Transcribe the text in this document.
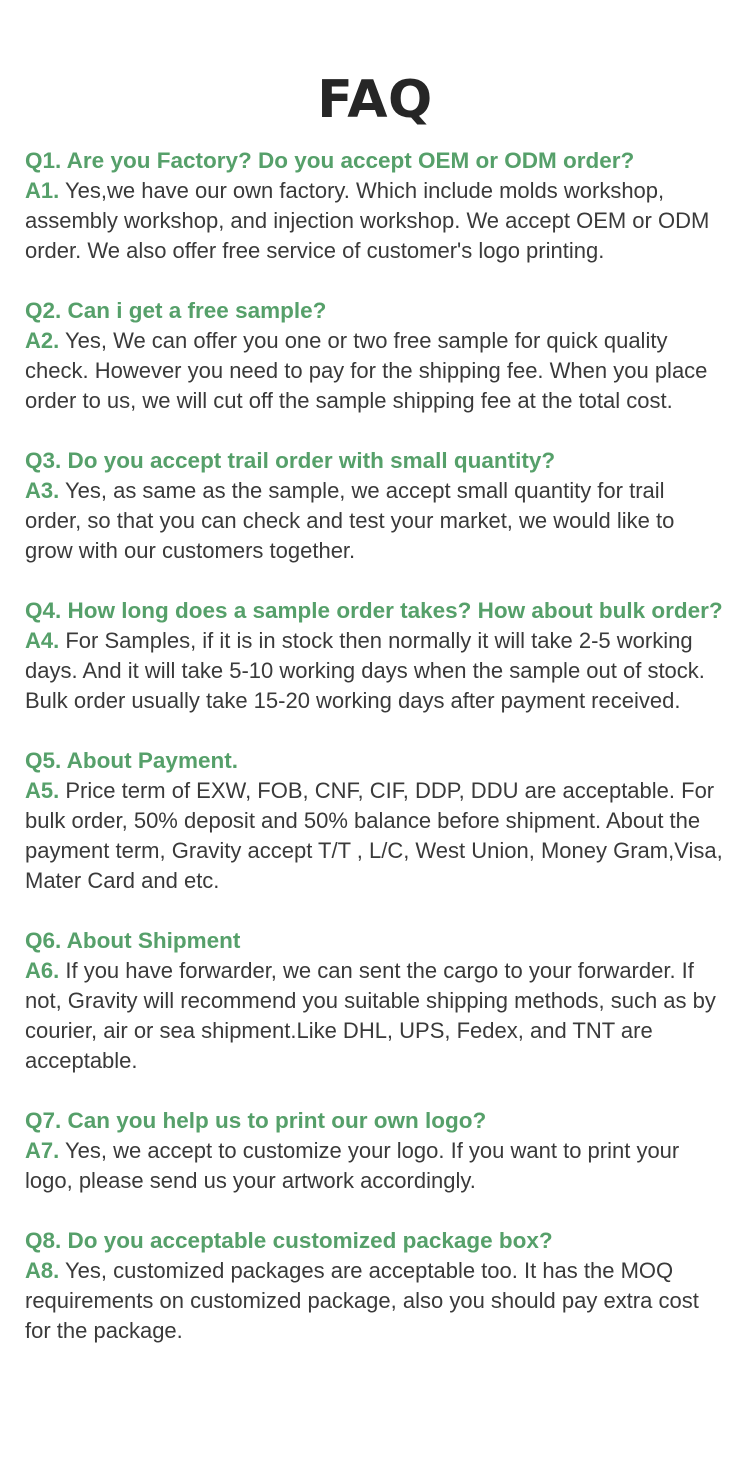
FAQ

Q1. Are you Factory? Do you accept OEM or ODM order?

A1. Yes,we have our own factory. Which include molds workshop, assembly workshop, and injection workshop. We accept OEM or ODM order. We also offer free service of customer's logo printing.

Q2. Can i get a free sample?

A2. Yes, We can offer you one or two free sample for quick quality check. However you need to pay for the shipping fee. When you place order to us, we will cut off the sample shipping fee at the total cost.

Q3. Do you accept trail order with small quantity?

A3. Yes, as same as the sample, we accept small quantity for trail order, so that you can check and test your market, we would like to grow with our customers together.

Q4. How long does a sample order takes? How about bulk order?

A4. For Samples, if it is in stock then normally it will take 2-5 working days. And it will take 5-10 working days when the sample out of stock.

Bulk order usually take 15-20 working days after payment received.

Q5. About Payment.

A5. Price term of EXW, FOB, CNF, CIF, DDP, DDU are acceptable. For bulk order, 50% deposit and 50% balance before shipment. About the payment term, Gravity accept T/T , L/C, West Union, Money Gram,Visa, Mater Card and etc.

Q6. About Shipment

A6. If you have forwarder, we can sent the cargo to your forwarder. If not, Gravity will recommend you suitable shipping methods, such as by courier, air or sea shipment.Like DHL, UPS, Fedex, and TNT are acceptable.

Q7. Can you help us to print our own logo?

A7. Yes, we accept to customize your logo. If you want to print your logo, please send us your artwork accordingly.

Q8. Do you acceptable customized package box?

A8. Yes, customized packages are acceptable too. It has the MOQ requirements on customized package, also you should pay extra cost for the package.
